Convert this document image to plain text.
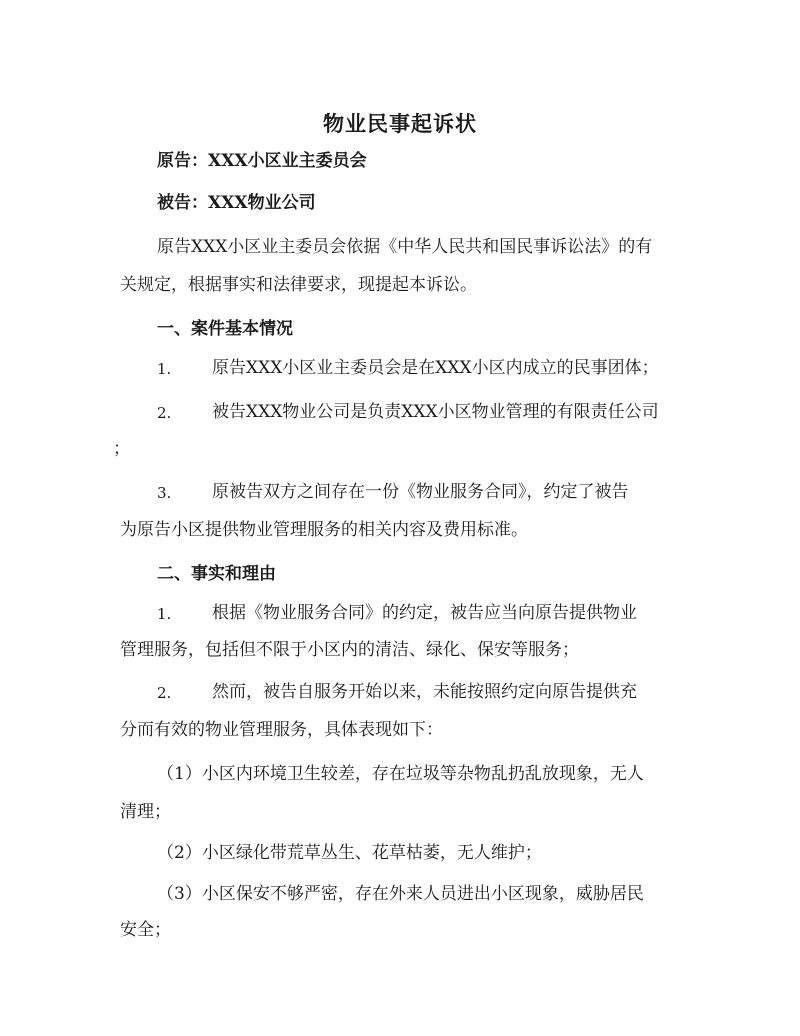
物业民事起诉状
原告：XXX小区业主委员会
被告：XXX物业公司
原告XXX小区业主委员会依据《中华人民共和国民事诉讼法》的有
关规定，根据事实和法律要求，现提起本诉讼。
一、案件基本情况
1. 原告XXX小区业主委员会是在XXX小区内成立的民事团体；
2. 被告XXX物业公司是负责XXX小区物业管理的有限责任公司
；
3. 原被告双方之间存在一份《物业服务合同》，约定了被告
为原告小区提供物业管理服务的相关内容及费用标准。
二、事实和理由
1. 根据《物业服务合同》的约定，被告应当向原告提供物业
管理服务，包括但不限于小区内的清洁、绿化、保安等服务；
2. 然而，被告自服务开始以来，未能按照约定向原告提供充
分而有效的物业管理服务，具体表现如下：
（1）小区内环境卫生较差，存在垃圾等杂物乱扔乱放现象，无人
清理；
（2）小区绿化带荒草丛生、花草枯萎，无人维护；
（3）小区保安不够严密，存在外来人员进出小区现象，威胁居民
安全；
